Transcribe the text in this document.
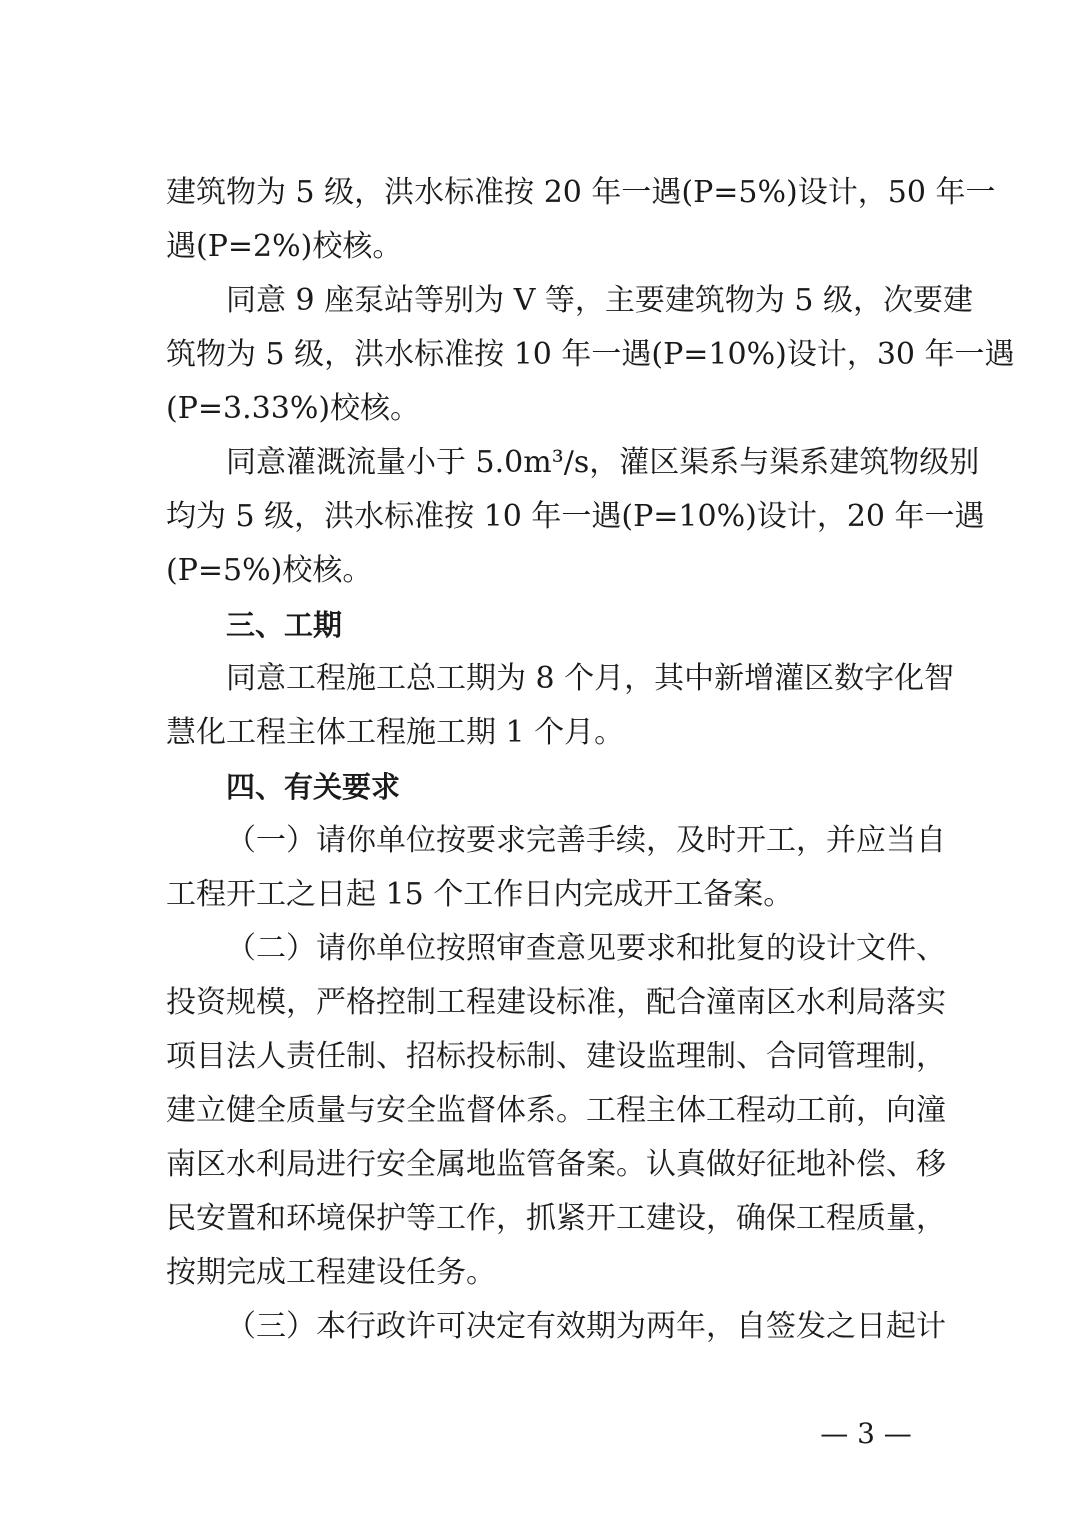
建筑物为 5 级，洪水标准按 20 年一遇(P=5%)设计，50 年一
遇(P=2%)校核。
同意 9 座泵站等别为 V 等，主要建筑物为 5 级，次要建
筑物为 5 级，洪水标准按 10 年一遇(P=10%)设计，30 年一遇
(P=3.33%)校核。
同意灌溉流量小于 5.0m³/s，灌区渠系与渠系建筑物级别
均为 5 级，洪水标准按 10 年一遇(P=10%)设计，20 年一遇
(P=5%)校核。
三、工期
同意工程施工总工期为 8 个月，其中新增灌区数字化智
慧化工程主体工程施工期 1 个月。
四、有关要求
（一）请你单位按要求完善手续，及时开工，并应当自
工程开工之日起 15 个工作日内完成开工备案。
（二）请你单位按照审查意见要求和批复的设计文件、
投资规模，严格控制工程建设标准，配合潼南区水利局落实
项目法人责任制、招标投标制、建设监理制、合同管理制，
建立健全质量与安全监督体系。工程主体工程动工前，向潼
南区水利局进行安全属地监管备案。认真做好征地补偿、移
民安置和环境保护等工作，抓紧开工建设，确保工程质量，
按期完成工程建设任务。
（三）本行政许可决定有效期为两年，自签发之日起计
— 3 —
